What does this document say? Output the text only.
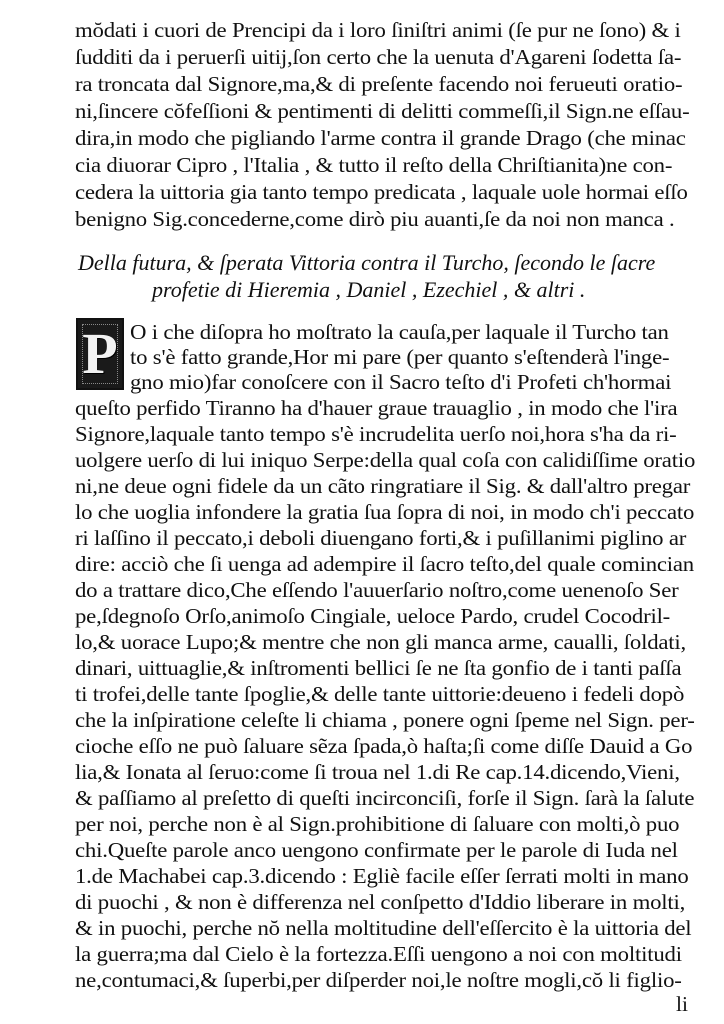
mŏdati i cuori de Prencipi da i loro ſiniſtri animi (ſe pur ne ſono) & i
ſudditi da i peruerſi uitij,ſon certo che la uenuta d'Agareni ſodetta ſa-
ra troncata dal Signore,ma,& di preſente facendo noi ferueuti oratio-
ni,ſincere cŏfeſſioni & pentimenti di delitti commeſſi,il Sign.ne eſſau-
dira,in modo che pigliando l'arme contra il grande Drago (che minac
cia diuorar Cipro , l'Italia , & tutto il reſto della Chriſtianita)ne con-
cedera la uittoria gia tanto tempo predicata , laquale uole hormai eſſo
benigno Sig.concederne,come dirò piu auanti,ſe da noi non manca .
Della futura, & ſperata Vittoria contra il Turcho, ſecondo le ſacre
profetie di Hieremia , Daniel , Ezechiel , & altri .
P O i che diſopra ho moſtrato la cauſa,per laquale il Turcho tan
to s'è fatto grande,Hor mi pare (per quanto s'eſtenderà l'inge-
gno mio)far conoſcere con il Sacro teſto d'i Profeti ch'hormai
queſto perfido Tiranno ha d'hauer graue trauaglio , in modo che l'ira
Signore,laquale tanto tempo s'è incrudelita uerſo noi,hora s'ha da ri-
uolgere uerſo di lui iniquo Serpe:della qual coſa con calidiſſime oratio
ni,ne deue ogni fidele da un cãto ringratiare il Sig. & dall'altro pregar
lo che uoglia infondere la gratia ſua ſopra di noi, in modo ch'i peccato
ri laſſino il peccato,i deboli diuengano forti,& i puſillanimi piglino ar
dire: acciò che ſi uenga ad adempire il ſacro teſto,del quale comincian
do a trattare dico,Che eſſendo l'auuerſario noſtro,come uenenoſo Ser
pe,ſdegnoſo Orſo,animoſo Cingiale, ueloce Pardo, crudel Cocodril-
lo,& uorace Lupo;& mentre che non gli manca arme, caualli, ſoldati,
dinari, uittuaglie,& inſtromenti bellici ſe ne ſta gonfio de i tanti paſſa
ti trofei,delle tante ſpoglie,& delle tante uittorie:deueno i fedeli dopò
che la inſpiratione celeſte li chiama , ponere ogni ſpeme nel Sign. per-
cioche eſſo ne può ſaluare sẽza ſpada,ò haſta;ſi come diſſe Dauid a Go
lia,& Ionata al ſeruo:come ſi troua nel 1.di Re cap.14.dicendo,Vieni,
& paſſiamo al preſetto di queſti incirconciſi, forſe il Sign. ſarà la ſalute
per noi, perche non è al Sign.prohibitione di ſaluare con molti,ò puo
chi.Queſte parole anco uengono confirmate per le parole di Iuda nel
1.de Machabei cap.3.dicendo : Egliè facile eſſer ſerrati molti in mano
di puochi , & non è differenza nel conſpetto d'Iddio liberare in molti,
& in puochi, perche nŏ nella moltitudine dell'eſſercito è la uittoria del
la guerra;ma dal Cielo è la fortezza.Eſſi uengono a noi con moltitudi
ne,contumaci,& ſuperbi,per diſperder noi,le noſtre mogli,cŏ li figliо-
li
